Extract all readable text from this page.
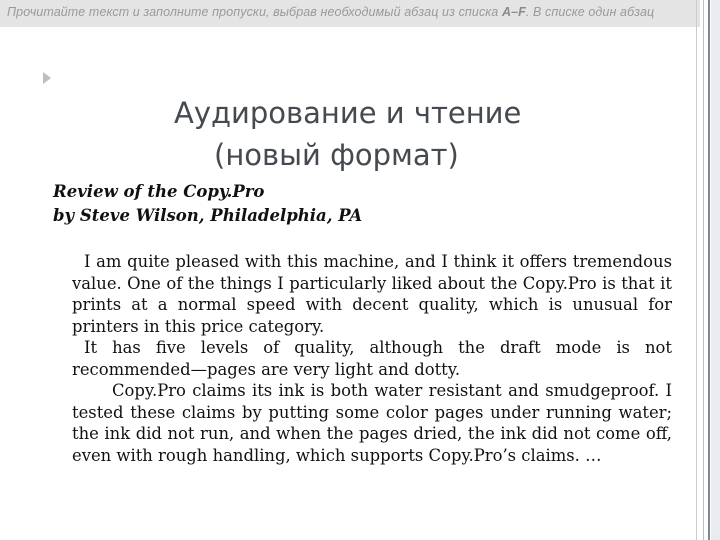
Прочитайте текст и заполните пропуски, выбрав необходимый абзац из списка A–F. В списке один абзац
Аудирование и чтение
(новый формат)
Review of the Copy.Pro
by Steve Wilson, Philadelphia, PA

I am quite pleased with this machine, and I think it offers tremendous value. One of the things I particularly liked about the Copy.Pro is that it prints at a normal speed with decent quality, which is unusual for printers in this price category.

It has five levels of quality, although the draft mode is not recommended—pages are very light and dotty.

Copy.Pro claims its ink is both water resistant and smudgeproof. I tested these claims by putting some color pages under running water; the ink did not run, and when the pages dried, the ink did not come off, even with rough handling, which supports Copy.Pro’s claims. …
